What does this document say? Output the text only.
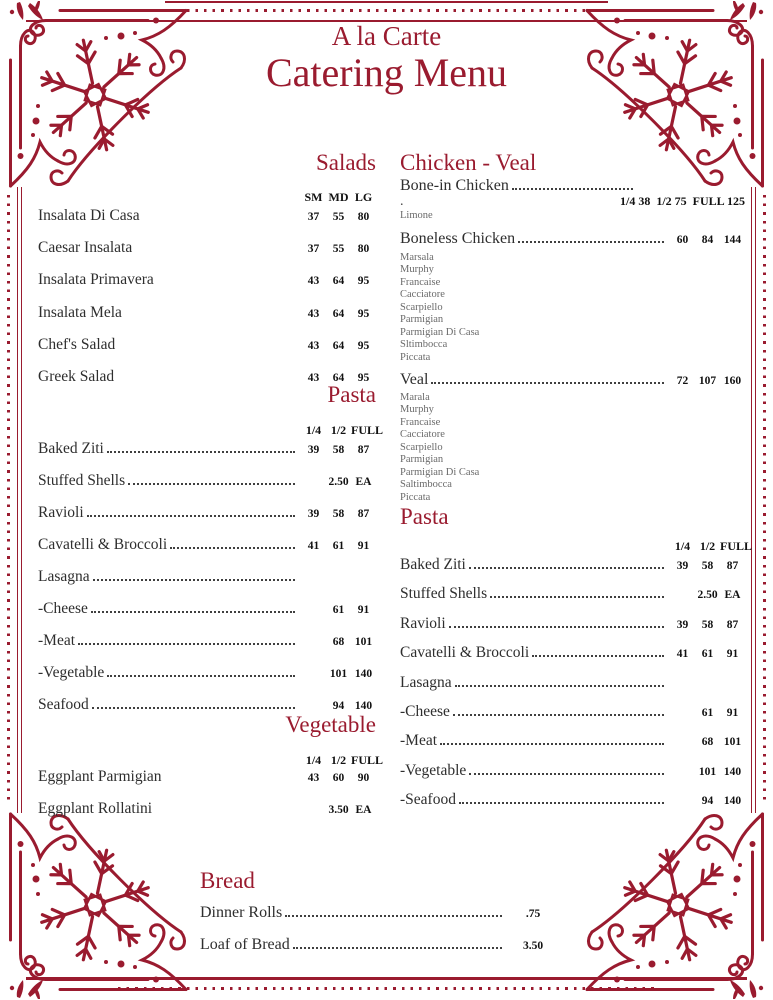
A la Carte
Catering Menu
Salads
SM MD LG
Insalata Di Casa	37	55	80
Caesar Insalata	37	55	80
Insalata Primavera	43	64	95
Insalata Mela	43	64	95
Chef's Salad	43	64	95
Greek Salad	43	64	95
Pasta
1/4 1/2 FULL
Baked Ziti	39	58	87
Stuffed Shells	2.50 EA
Ravioli	39	58	87
Cavatelli & Broccoli	41	61	91
Lasagna
-Cheese	61	91
-Meat	68 101
-Vegetable	101 140
Seafood	94 140
Vegetable
1/4 1/2 FULL
Eggplant Parmigian	43	60	90
Eggplant Rollatini	3.50 EA
Chicken - Veal
Bone-in Chicken
.	1/4 38  1/2 75  FULL 125
Limone
Boneless Chicken	60	84 144
Marsala
Murphy
Francaise
Cacciatore
Scarpiello
Parmigian
Parmigian Di Casa
Sltimbocca
Piccata
Veal	72 107 160
Marala
Murphy
Francaise
Cacciatore
Scarpiello
Parmigian
Parmigian Di Casa
Saltimbocca
Piccata
Pasta
1/4 1/2 FULL
Baked Ziti	39	58	87
Stuffed Shells	2.50 EA
Ravioli	39	58	87
Cavatelli & Broccoli	41	61	91
Lasagna
-Cheese	61	91
-Meat	68 101
-Vegetable	101 140
-Seafood	94 140
Bread
Dinner Rolls	.75
Loaf of Bread	3.50
